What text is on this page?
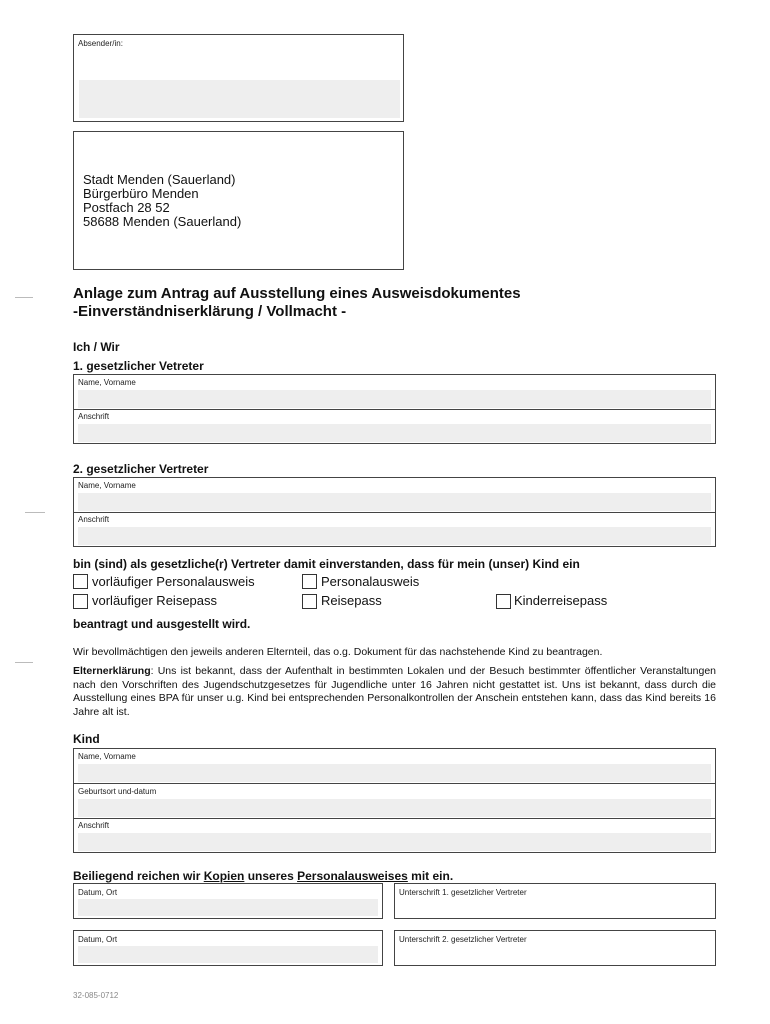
Absender/in:
Stadt Menden (Sauerland)
Bürgerbüro Menden
Postfach 28 52
58688 Menden (Sauerland)
Anlage zum Antrag auf Ausstellung eines Ausweisdokumentes
-Einverständniserklärung / Vollmacht -
Ich / Wir
1. gesetzlicher Vetreter
Name, Vorname
Anschrift
2. gesetzlicher Vertreter
Name, Vorname
Anschrift
bin (sind) als gesetzliche(r) Vertreter damit einverstanden, dass für mein (unser) Kind ein
vorläufiger Personalausweis	Personalausweis
vorläufiger Reisepass	Reisepass	Kinderreisepass
beantragt und ausgestellt wird.
Wir bevollmächtigen den jeweils anderen Elternteil, das o.g. Dokument für das nachstehende Kind zu beantragen.
Elternerklärung: Uns ist bekannt, dass der Aufenthalt in bestimmten Lokalen und der Besuch bestimmter öffentlicher Veranstaltungen nach den Vorschriften des Jugendschutzgesetzes für Jugendliche unter 16 Jahren nicht gestattet ist. Uns ist bekannt, dass durch die Ausstellung eines BPA für unser u.g. Kind bei entsprechenden Personalkontrollen der Anschein entstehen kann, dass das Kind bereits 16 Jahre alt ist.
Kind
Name, Vorname
Geburtsort und-datum
Anschrift
Beiliegend reichen wir Kopien unseres Personalausweises mit ein.
Datum, Ort	Unterschrift 1. gesetzlicher Vertreter
Datum, Ort	Unterschrift 2. gesetzlicher Vertreter
32-085-0712
